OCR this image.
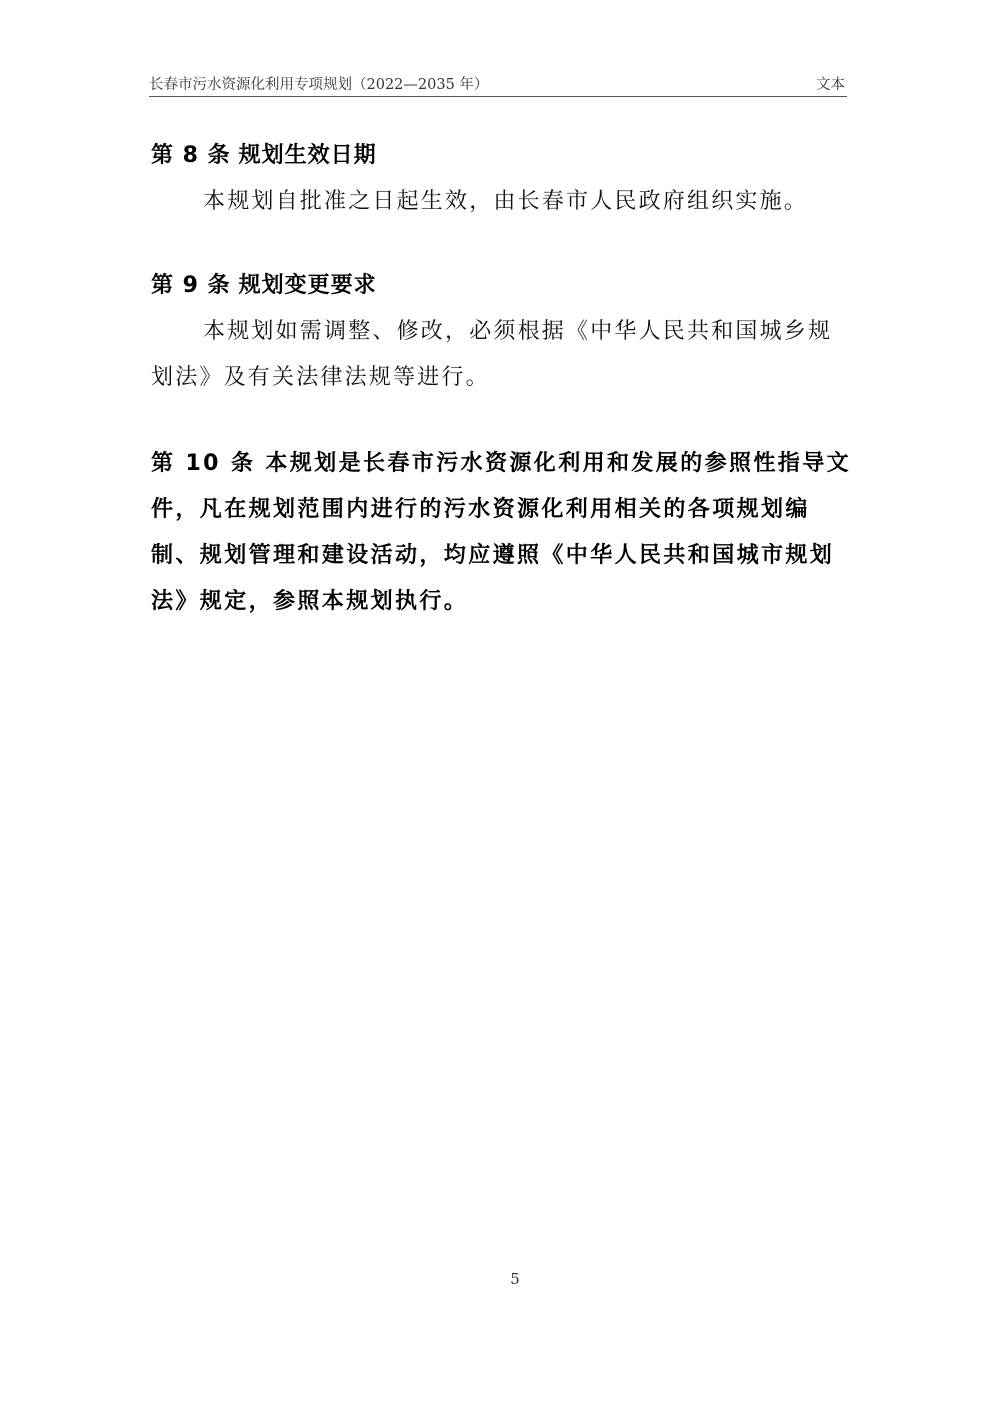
长春市污水资源化利用专项规划（2022—2035 年）	文本
第 8 条 规划生效日期
本规划自批准之日起生效，由长春市人民政府组织实施。
第 9 条 规划变更要求
本规划如需调整、修改，必须根据《中华人民共和国城乡规划法》及有关法律法规等进行。
第 10 条 本规划是长春市污水资源化利用和发展的参照性指导文件，凡在规划范围内进行的污水资源化利用相关的各项规划编制、规划管理和建设活动，均应遵照《中华人民共和国城市规划法》规定，参照本规划执行。
5
